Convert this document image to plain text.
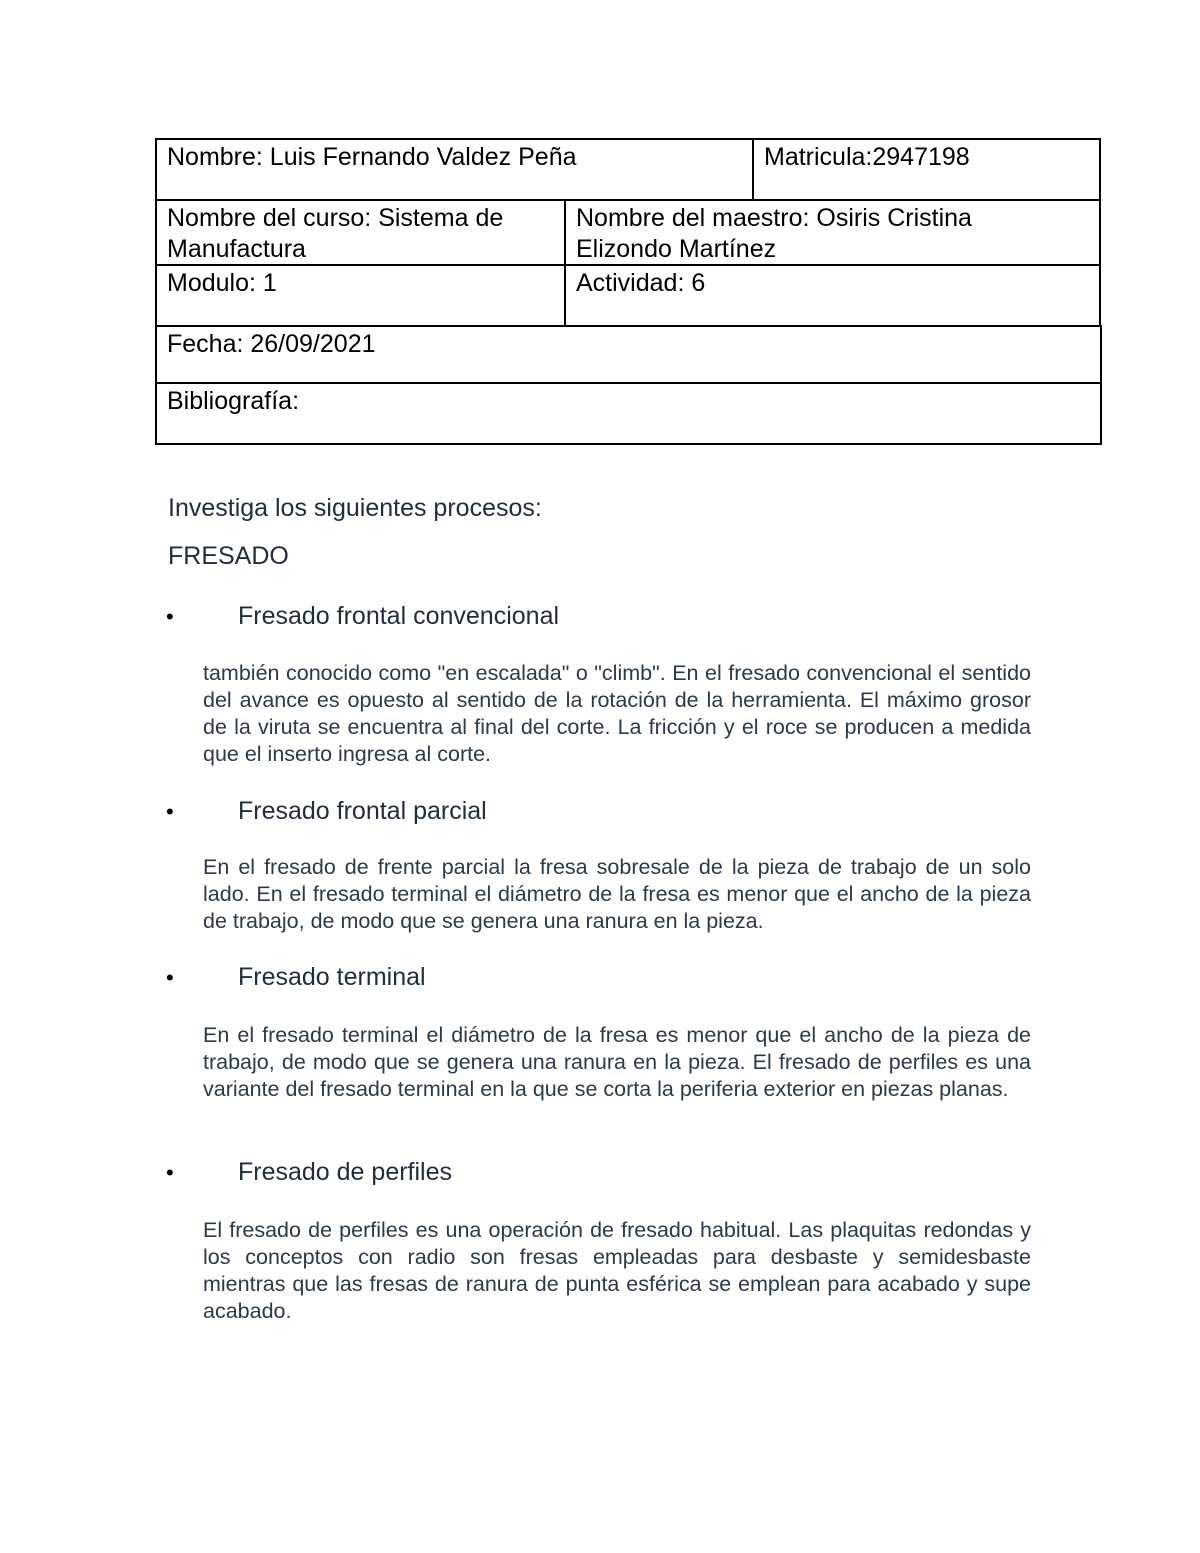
Nombre: Luis Fernando Valdez Peña	Matricula:2947198
Nombre del curso: Sistema de Manufactura
Nombre del maestro: Osiris Cristina Elizondo Martínez
Modulo: 1	Actividad: 6
Fecha: 26/09/2021
Bibliografía:
Investiga los siguientes procesos:
FRESADO
•	Fresado frontal convencional

también conocido como "en escalada" o "climb". En el fresado convencional el sentido del avance es opuesto al sentido de la rotación de la herramienta. El máximo grosor de la viruta se encuentra al final del corte. La fricción y el roce se producen a medida que el inserto ingresa al corte.

•	Fresado frontal parcial

En el fresado de frente parcial la fresa sobresale de la pieza de trabajo de un solo lado. En el fresado terminal el diámetro de la fresa es menor que el ancho de la pieza de trabajo, de modo que se genera una ranura en la pieza.

•	Fresado terminal

En el fresado terminal el diámetro de la fresa es menor que el ancho de la pieza de trabajo, de modo que se genera una ranura en la pieza. El fresado de perfiles es una variante del fresado terminal en la que se corta la periferia exterior en piezas planas.

•	Fresado de perfiles

El fresado de perfiles es una operación de fresado habitual. Las plaquitas redondas y los conceptos con radio son fresas empleadas para desbaste y semidesbaste mientras que las fresas de ranura de punta esférica se emplean para acabado y supe acabado.
